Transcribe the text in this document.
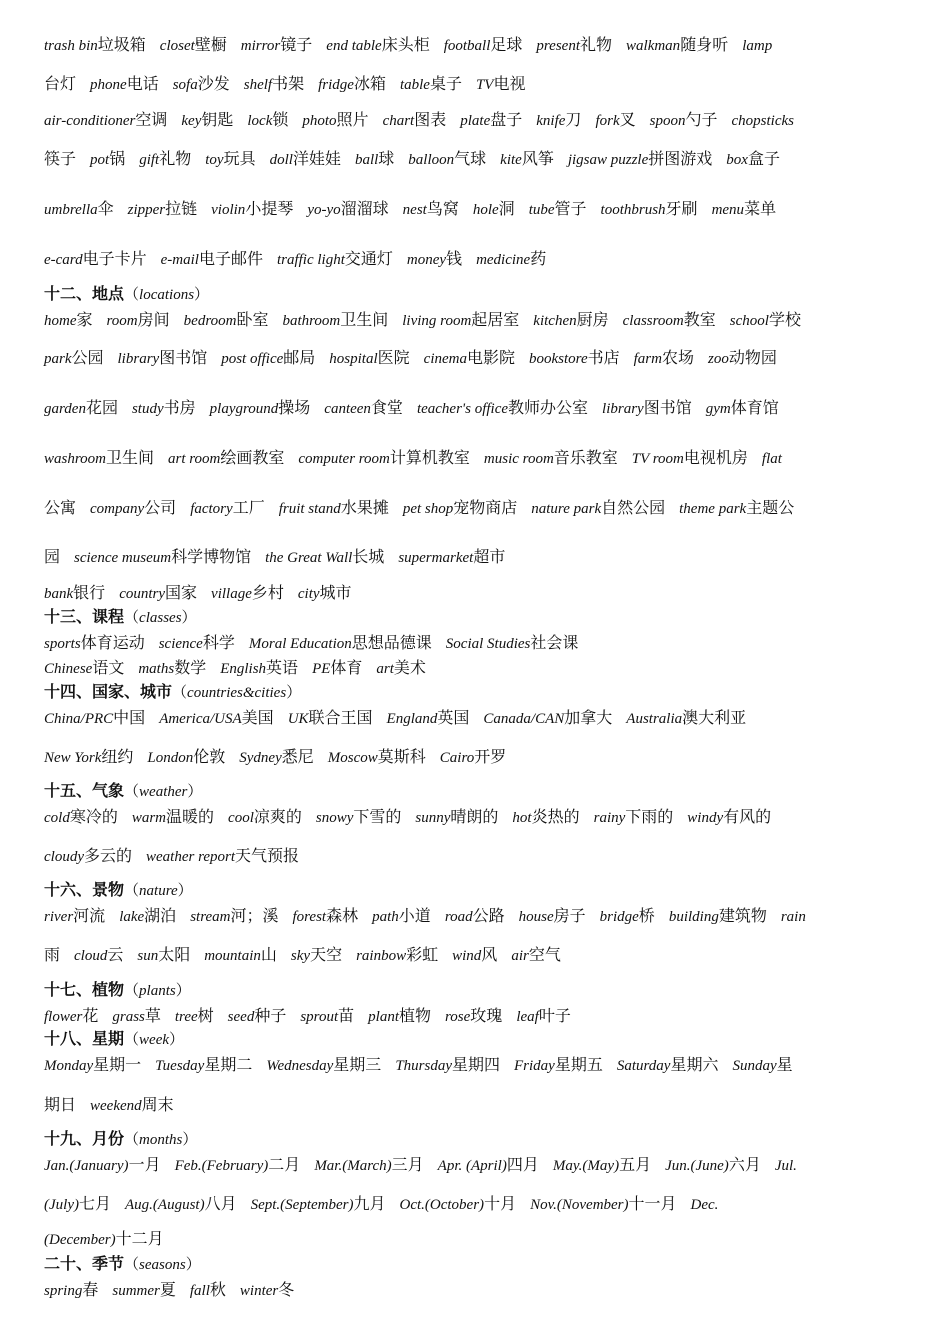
trash bin垃圾箱 closet壁橱 mirror镜子 end table床头柜 football足球 present礼物 walkman随身听 lamp
台灯 phone电话 sofa沙发 shelf书架 fridge冰箱 table桌子 TV电视
air-conditioner空调 key钥匙 lock锁 photo照片 chart图表 plate盘子 knife刀 fork叉 spoon勺子 chopsticks
筷子 pot锅 gift礼物 toy玩具 doll洋娃娃 ball球 balloon气球 kite风筝 jigsaw puzzle拼图游戏 box盒子
umbrella伞 zipper拉链 violin小提琴 yo-yo溜溜球 nest鸟窝 hole洞 tube管子 toothbrush牙刷 menu菜单
e-card电子卡片 e-mail电子邮件 traffic light交通灯 money钱 medicine药
home家 room房间 bedroom卧室 bathroom卫生间 living room起居室 kitchen厨房 classroom教室 school学校
park公园 library图书馆 post office邮局 hospital医院 cinema电影院 bookstore书店 farm农场 zoo动物园
garden花园 study书房 playground操场 canteen食堂 teacher's office教师办公室 library图书馆 gym体育馆
washroom卫生间 art room绘画教室 computer room计算机教室 music room音乐教室 TV room电视机房 flat
公寓 company公司 factory工厂 fruit stand水果摊 pet shop宠物商店 nature park自然公园 theme park主题公
园 science museum科学博物馆 the Great Wall长城 supermarket超市
bank银行 country国家 village乡村 city城市
sports体育运动 science科学 Moral Education思想品德课 Social Studies社会课
Chinese语文 maths数学 English英语 PE体育 art美术
China/PRC中国 America/USA美国 UK联合王国 England英国 Canada/CAN加拿大 Australia澳大利亚
New York纽约 London伦敦 Sydney悉尼 Moscow莫斯科 Cairo开罗
cold寒冷的 warm温暖的 cool凉爽的 snowy下雪的 sunny晴朗的 hot炎热的 rainy下雨的 windy有风的
cloudy多云的 weather report天气预报
river河流 lake湖泊 stream河；溪 forest森林 path小道 road公路 house房子 bridge桥 building建筑物 rain
雨 cloud云 sun太阳 mountain山 sky天空 rainbow彩虹 wind风 air空气
flower花 grass草 tree树 seed种子 sprout苗 plant植物 rose玫瑰 leaf叶子
Monday星期一 Tuesday星期二 Wednesday星期三 Thursday星期四 Friday星期五 Saturday星期六 Sunday星
期日 weekend周末
Jan.(January)一月 Feb.(February)二月 Mar.(March)三月 Apr. (April)四月 May.(May)五月 Jun.(June)六月 Jul.
(July)七月 Aug.(August)八月 Sept.(September)九月 Oct.(October)十月 Nov.(November)十一月 Dec.
(December)十二月
spring春 summer夏 fall秋 winter冬
十二、地点（locations）
十三、课程（classes）
十四、国家、城市（countries&cities）
十五、气象（weather）
十六、景物（nature）
十七、植物（plants）
十八、星期（week）
十九、月份（months）
二十、季节（seasons）
